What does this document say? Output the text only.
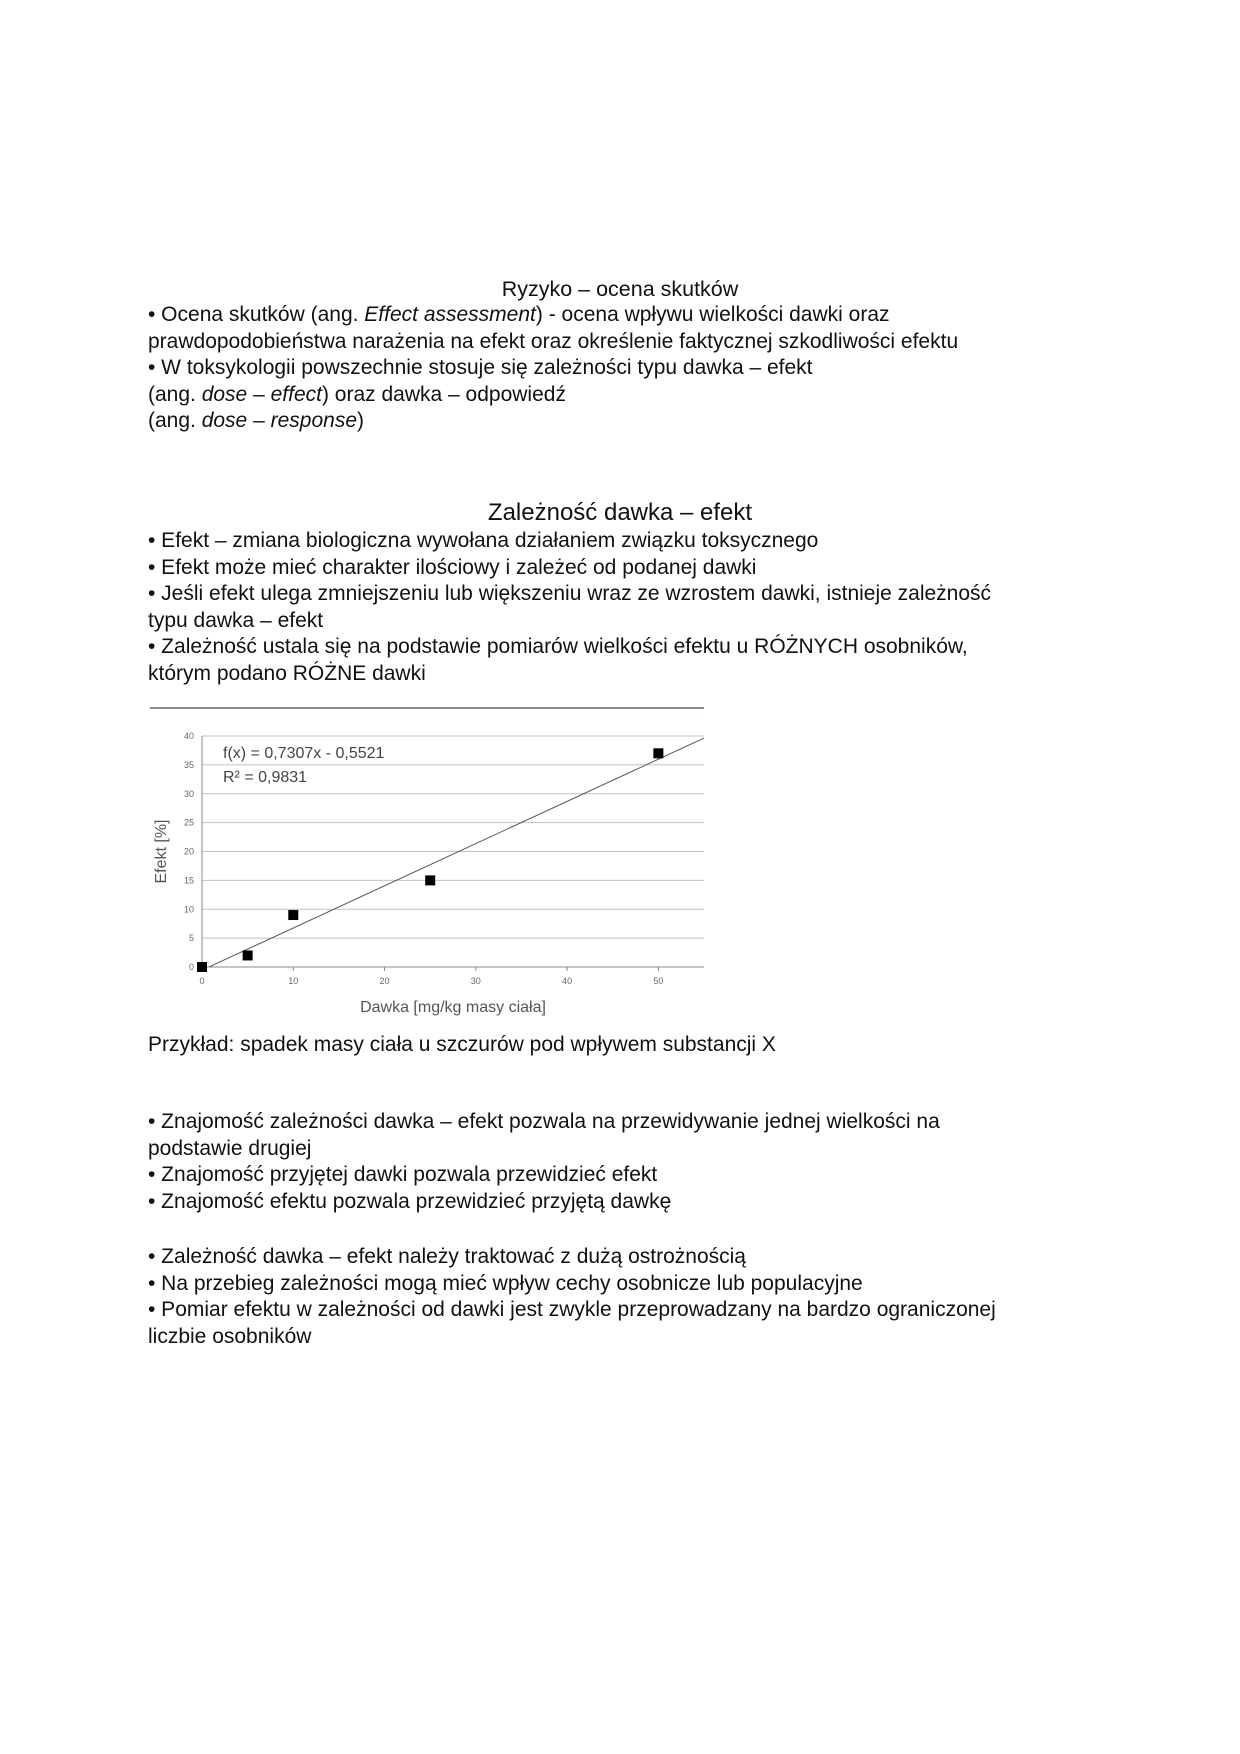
Ryzyko – ocena skutków

• Ocena skutków (ang. Effect assessment) - ocena wpływu wielkości dawki oraz

prawdopodobieństwa narażenia na efekt oraz określenie faktycznej szkodliwości efektu

• W toksykologii powszechnie stosuje się zależności typu dawka – efekt

(ang. dose – effect) oraz dawka – odpowiedź

(ang. dose – response)

Zależność dawka – efekt

• Efekt – zmiana biologiczna wywołana działaniem związku toksycznego

• Efekt może mieć charakter ilościowy i zależeć od podanej dawki

• Jeśli efekt ulega zmniejszeniu lub większeniu wraz ze wzrostem dawki, istnieje zależność

typu dawka – efekt

• Zależność ustala się na podstawie pomiarów wielkości efektu u RÓŻNYCH osobników,

którym podano RÓŻNE dawki

0
5
10
15
20
25
30
35
40
0	10	20	30	40	50
f(x) = 0,7307x - 0,5521
R² = 0,9831
Dawka [mg/kg masy ciała]
Efekt [%]

Przykład: spadek masy ciała u szczurów pod wpływem substancji X

• Znajomość zależności dawka – efekt pozwala na przewidywanie jednej wielkości na

podstawie drugiej

• Znajomość przyjętej dawki pozwala przewidzieć efekt

• Znajomość efektu pozwala przewidzieć przyjętą dawkę

• Zależność dawka – efekt należy traktować z dużą ostrożnością

• Na przebieg zależności mogą mieć wpływ cechy osobnicze lub populacyjne

• Pomiar efektu w zależności od dawki jest zwykle przeprowadzany na bardzo ograniczonej

liczbie osobników
